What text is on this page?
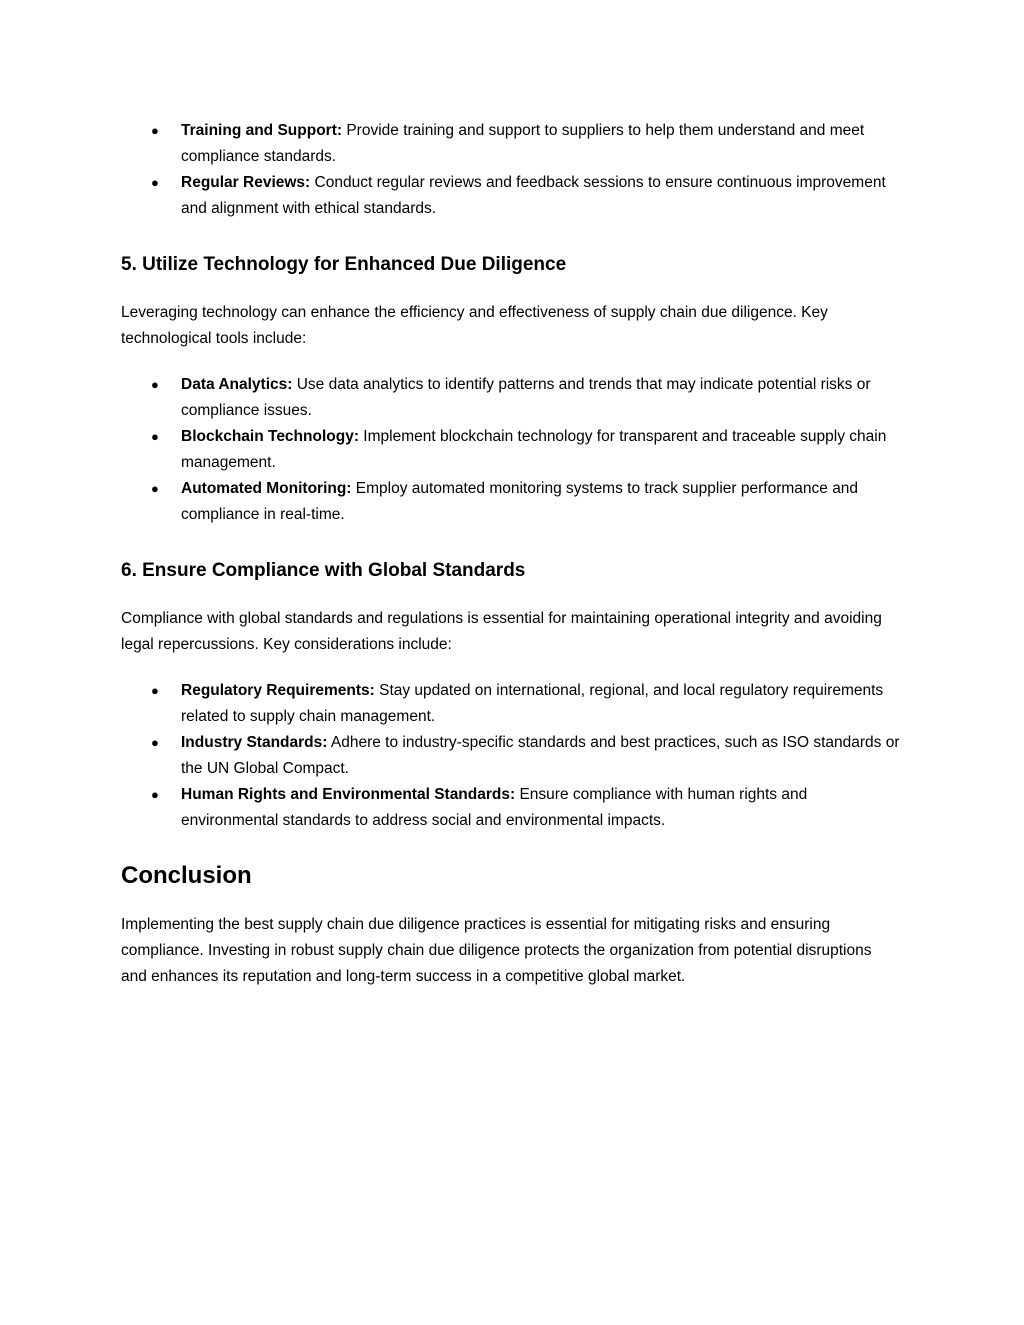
● Training and Support: Provide training and support to suppliers to help them understand and meet compliance standards.
● Regular Reviews: Conduct regular reviews and feedback sessions to ensure continuous improvement and alignment with ethical standards.
5. Utilize Technology for Enhanced Due Diligence

Leveraging technology can enhance the efficiency and effectiveness of supply chain due diligence. Key technological tools include:

● Data Analytics: Use data analytics to identify patterns and trends that may indicate potential risks or compliance issues.
● Blockchain Technology: Implement blockchain technology for transparent and traceable supply chain management.
● Automated Monitoring: Employ automated monitoring systems to track supplier performance and compliance in real-time.
6. Ensure Compliance with Global Standards

Compliance with global standards and regulations is essential for maintaining operational integrity and avoiding legal repercussions. Key considerations include:

● Regulatory Requirements: Stay updated on international, regional, and local regulatory requirements related to supply chain management.
● Industry Standards: Adhere to industry-specific standards and best practices, such as ISO standards or the UN Global Compact.
● Human Rights and Environmental Standards: Ensure compliance with human rights and environmental standards to address social and environmental impacts.
Conclusion

Implementing the best supply chain due diligence practices is essential for mitigating risks and ensuring compliance. Investing in robust supply chain due diligence protects the organization from potential disruptions and enhances its reputation and long-term success in a competitive global market.
